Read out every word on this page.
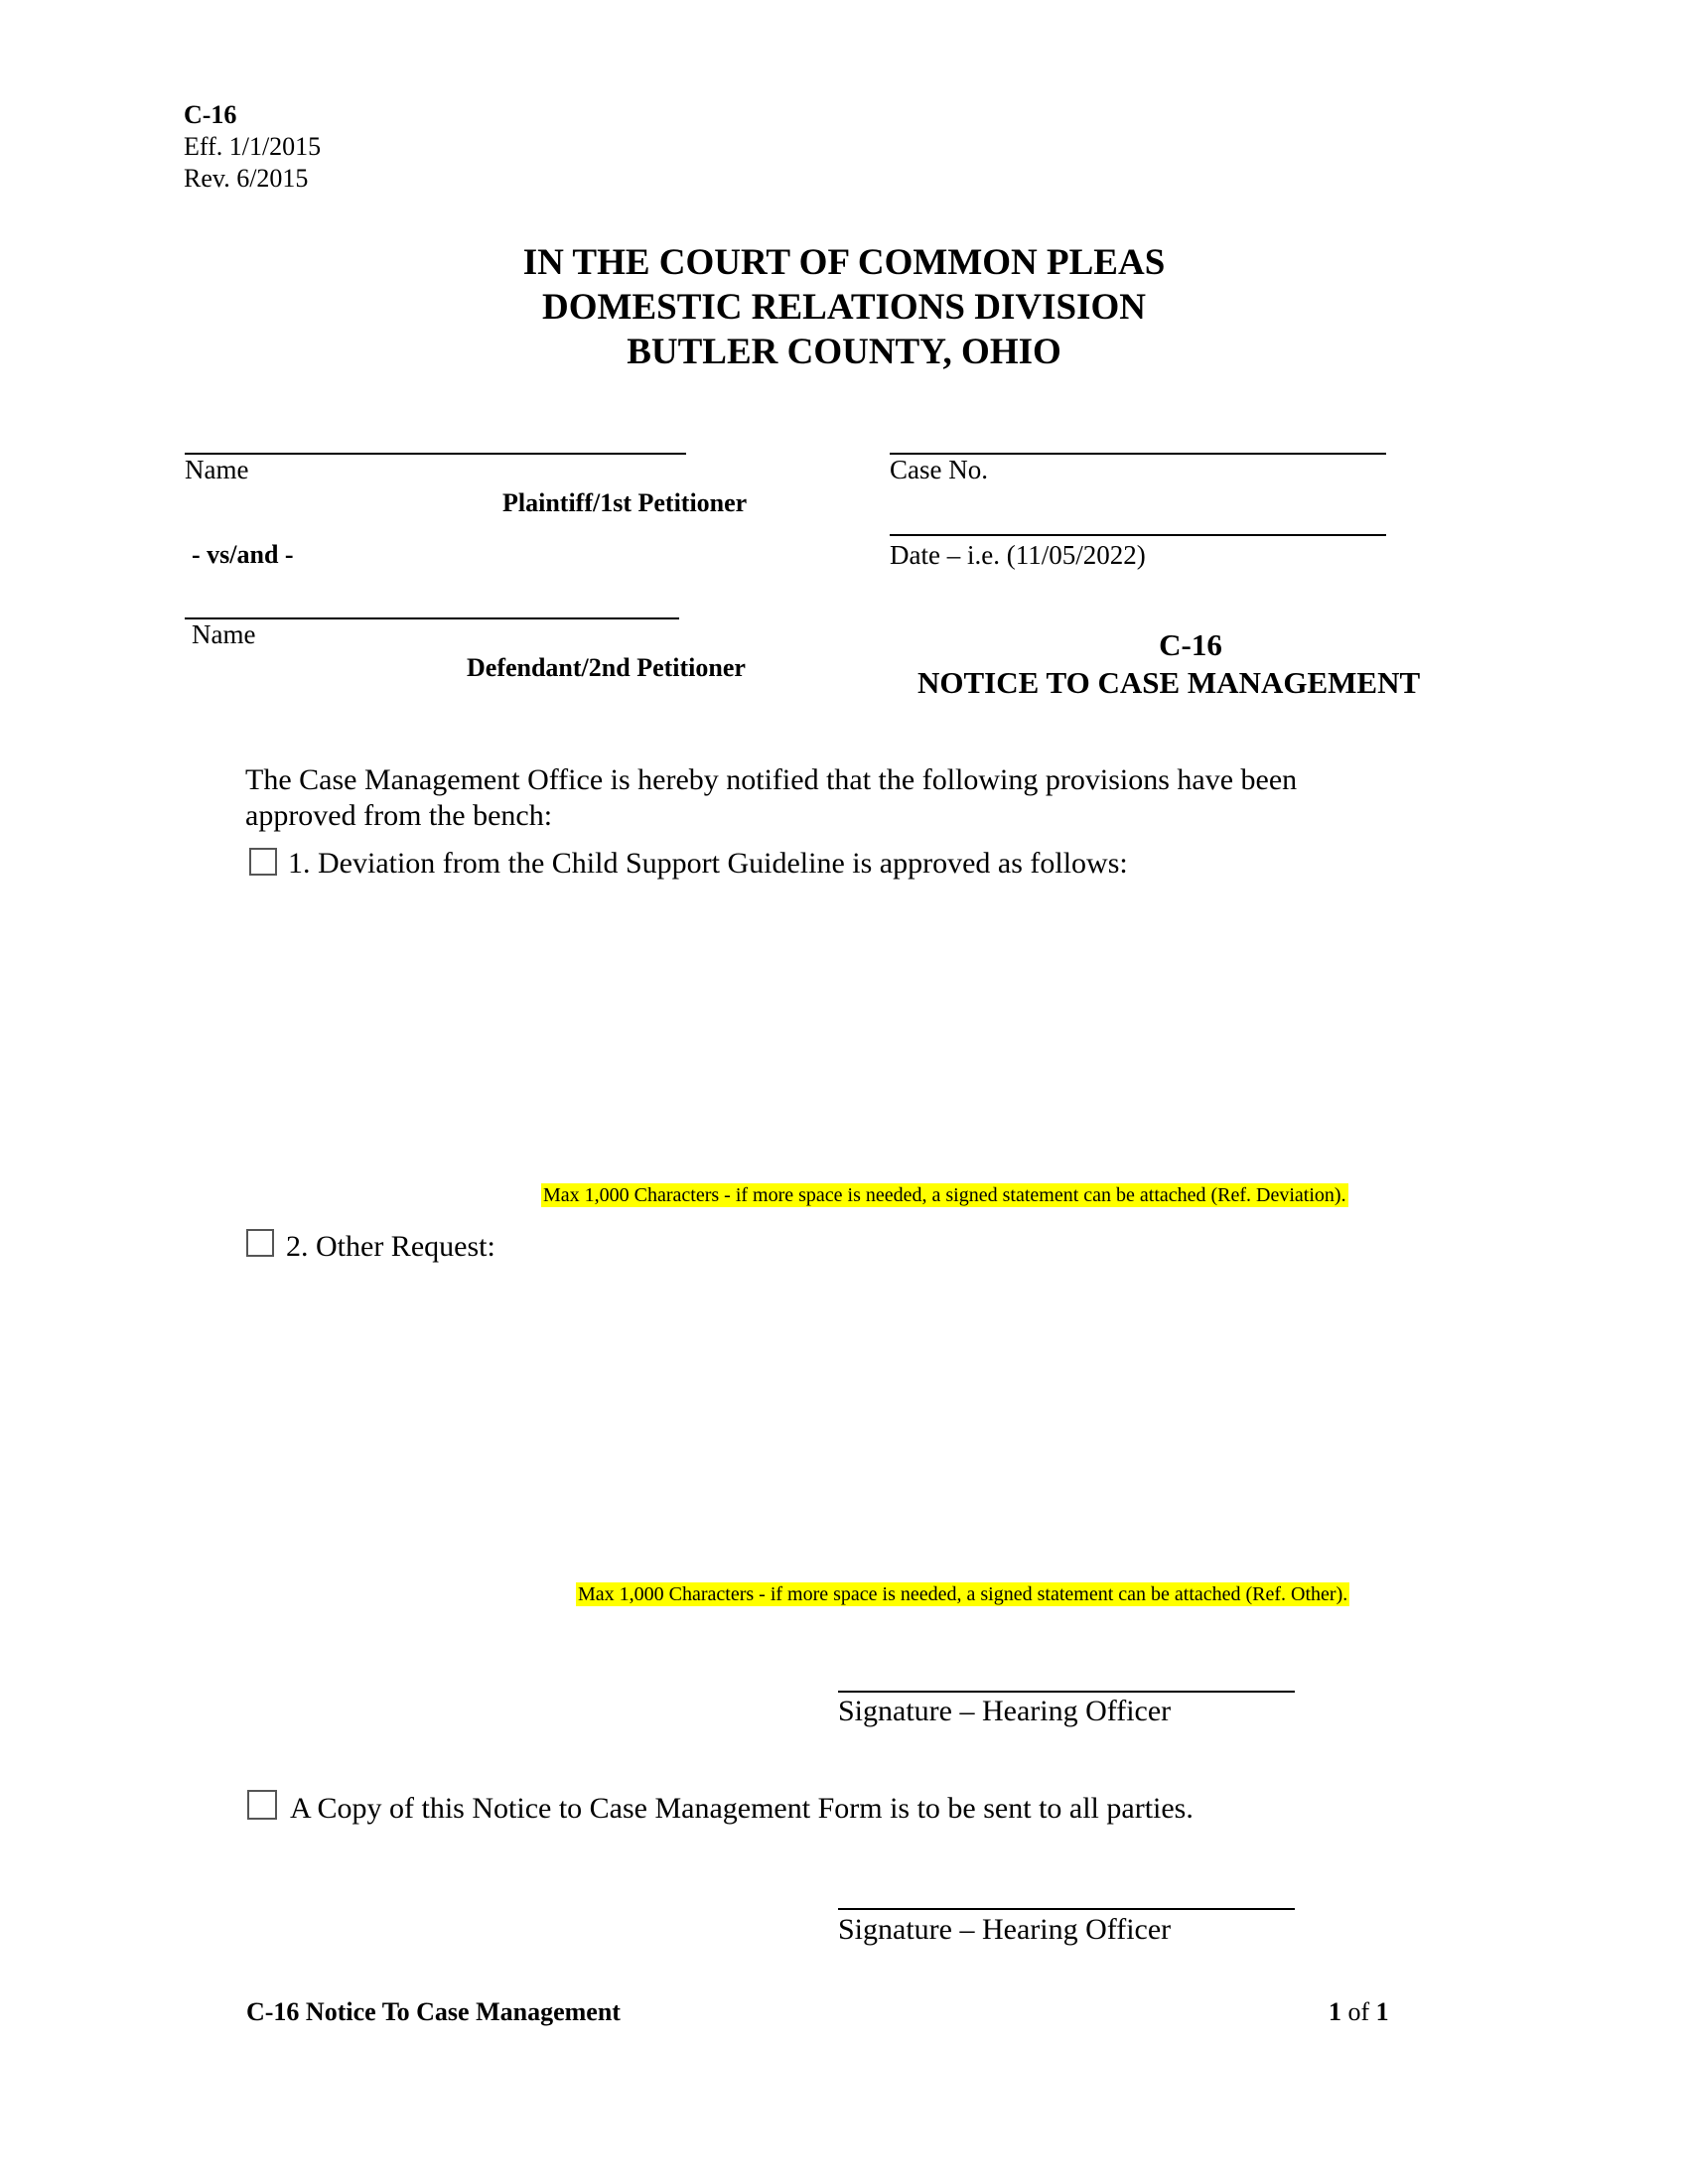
C-16
Eff. 1/1/2015
Rev. 6/2015
IN THE COURT OF COMMON PLEAS
DOMESTIC RELATIONS DIVISION
BUTLER COUNTY, OHIO
Name
Plaintiff/1st Petitioner
- vs/and -
Name
Defendant/2nd Petitioner
Case No.
Date – i.e. (11/05/2022)
C-16
NOTICE TO CASE MANAGEMENT
The Case Management Office is hereby notified that the following provisions have been approved from the bench:
1. Deviation from the Child Support Guideline is approved as follows:
Max 1,000 Characters - if more space is needed, a signed statement can be attached (Ref. Deviation).
2. Other Request:
Max 1,000 Characters - if more space is needed, a signed statement can be attached (Ref. Other).
Signature – Hearing Officer
A Copy of this Notice to Case Management Form is to be sent to all parties.
Signature – Hearing Officer
C-16 Notice To Case Management	1 of 1
